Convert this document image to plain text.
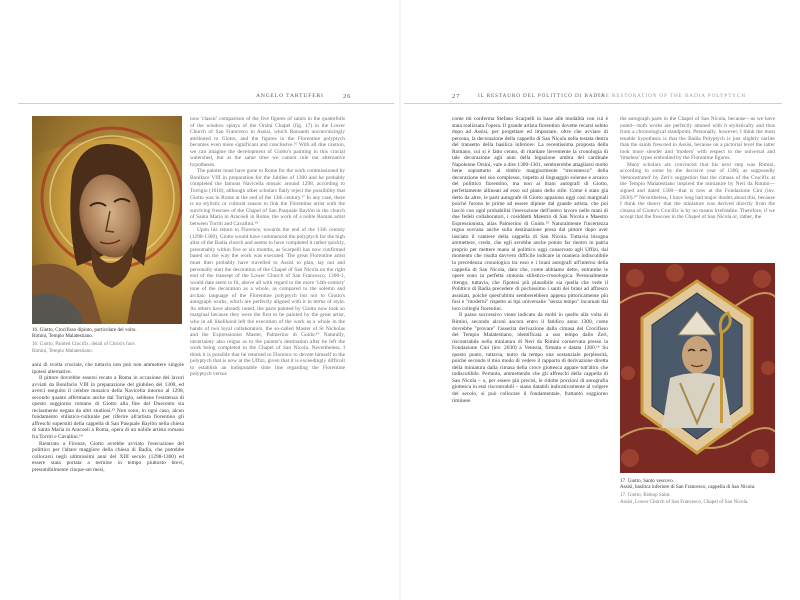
ANGELO TARTUFERI	26
16. Giotto, Crocifisso dipinto, particolare del volto.
Rimini, Tempio Malatestiano.
16. Giotto, Painted Crucifix, detail of Christ's face.
Rimini, Tempio Malatestiano.

anni di svolta cruciale, che tuttavia non può non ammettere singole ipotesi alternative.

Il pittore dovrebbe essersi recato a Roma in occasione dei lavori avviati da Bonifacio VIII in preparazione del giubileo del 1300, ed averci eseguito il celebre mosaico della Navicella intorno al 1298, secondo quanto affermano anche dal Torrigio, sebbene l'esistenza di questo soggiorno romano di Giotto alla fine del Duecento sia recisamente negata da altri studiosi.¹³ Non sono, in ogni caso, alcun fondamento stilistico-culturale per riferire all'artista fiorentino gli affreschi superstiti della cappella di San Pasquale Baylòn nella chiesa di Santa Maria in Aracoeli a Roma, opera di un nobile artista romano fra Torriti e Cavallini.¹⁴

Rientrato a Firenze, Giotto avrebbe avviato l'esecuzione del polittico per l'altare maggiore della chiesa di Badia, che potrebbe collocarsi negli ultimissimi anni del XIII secolo (1298-1300) ed essere stata portata a termine in tempo piuttosto brevi, presumibilmente cinque-sei mesi,

now 'classic' comparison of the five figures of saints in the quatrefoils of the window splays of the Orsini Chapel (fig. 17) in the Lower Church of San Francesco in Assisi, which Bonsanti unconvincingly attributed to Giotto, and the figures in the Florentine polyptych becomes even more significant and conclusive.¹⁶ With all due caution, we can imagine the development of Giotto's painting in this crucial watershed, but at the same time we cannot rule out alternative hypotheses.

The painter must have gone to Rome for the work commissioned by Boniface VIII in preparation for the Jubilee of 1300 and he probably completed the famous Navicella mosaic around 1298, according to Torrigio (1618), although other scholars flatly reject the possibility that Giotto was in Rome at the end of the 13th century.¹⁷ In any case, there is no stylistic or cultural reason to link the Florentine artist with the surviving frescoes of the Chapel of San Pasquale Baylòn in the church of Santa Maria in Aracoeli in Rome, the work of a noble Roman artist between Torriti and Cavallini.¹⁸

Upon his return to Florence, towards the end of the 13th century (1298-1300), Giotto would have commenced the polyptych for the high altar of the Badia church and seems to have completed it rather quickly, presumably within five or six months, as Scarpelli has now confirmed based on the way the work was executed. The great Florentine artist must then probably have travelled to Assisi to plan, lay out and personally start the decoration of the Chapel of San Nicola on the right end of the transept of the Lower Church of San Francesco, 1300-1, would date seem to fit, above all with regard to the more '14th-century' tone of the decoration as a whole, as compared to the solemn and archaic language of the Florentine polyptych but not to Giotto's autograph works, which are perfectly aligned with it in terms of style. As others have already noted, the parts painted by Giotto now look so marginal because they were the first to be painted by the great artist, who in all likelihood left the execution of the work as a whole in the hands of two loyal collaborators, the so-called Master of St Nicholas and the Expressionist Master, Palmerino di Guido.¹⁹ Naturally, uncertainty also reigns as to the painter's destination after he left the work being completed in the Chapel of San Nicola. Nevertheless, I think it is possible that he returned to Florence to devote himself to the polyptych that is now at the Uffizi, given that it is exceedingly difficult to establish an indisputable time line regarding the Florentine polyptych versus

27	IL RESTAURO DEL POLITTICO DI BADIA
THE RESTORATION OF THE BADIA POLYPTYCH

come mi conferma Stefano Scarpelli in base alle modalità con cui è stata realizzata l'opera. Il grande artista fiorentino dovette recarsi subito dopo ad Assisi, per progettare ed impostare, oltre che avviare di persona, la decorazione della cappella di San Nicola nella testata destra del transetto della basilica inferiore. La recentissima proposta della Romano, cui si è fatto cenno, di ritardare lievemente la cronologia di tale decorazione agli anni della legazione umbra del cardinale Napoleone Orsini, vale a dire 1300-1301, sembrerebbe attagliarsi molto bene soprattutto al timbro maggiormente "trecentesco" della decorazione nel suo complesso, rispetto al linguaggio solenne e arcaico del polittico fiorentino, ma non ai brani autografi di Giotto, perfettamente allineati ad esso sul piano dello stile. Come è stato già detto da altre, le parti autografe di Giotto appaiono oggi così marginali poiché furono le prime ad essere dipinte dal grande artista, che poi lasciò con ogni probabilità l'esecuzione dell'intero lavoro nelle mani di due fedeli collaboratori, i cosiddetti Maestro di San Nicola e Maestro Espressionista, alias Palmerino di Guido.¹⁵ Naturalmente l'incertezza regna sovrana anche sulla destinazione presa dal pittore dopo aver lasciato il cantiere della cappella di San Nicola. Tuttavia bisogna ammettere, credo, che egli avrebbe anche potuto far rientro in patria proprio per mettere mano al polittico oggi conservato agli Uffizi, dal momento che risulta davvero difficile indicare in maniera indiscutibile la precedenza cronologica tra esso e i brani autografi all'interno della cappella di San Nicola, dato che, come abbiamo detto, entrambe le opere sono in perfetta sintonia stilistico-cronologica. Personalmente ritengo, tuttavia, che l'ipotesi più plausibile sia quella che vede il Polittico di Badia precedere di pochissimo i santi dei brani ad affresco assisiati, poiché quest'ultimi sembrerebbero appena pittoricamente più fusi e "moderni" rispetto ai tipi universalie "senza tempo" incarnati dai loro colleghi fiorentini.

Il passo successivo viene indicato da molti in quello alla volta di Rimini, secondo alcuni ancora entro il fatidico anno 1300, come dovrebbe "provare" l'asserita derivazione dalla cimasa del Crocifisso del Tempio Malatestiano, identificata a suo tempo dallo Zeri, riscontrabile nella miniatura di Neri da Rimini conservata presso la Fondazione Cini (inv. 2030) a Venezia, firmata e datata 1300.¹⁶ Su questo punto, tuttavia, nutro da tempo una sostanziale perplessità, poiché secondo il mio modo di vedere il rapporto di derivazione diretta della miniatura dalla cimasa della croce giottesca appare tutt'altro che indiscutibile. Pertanto, ammettendo che gli affreschi della cappella di San Nicola – o, per essere più precisi, le ridotte porzioni di autografia giottesca in essi riscontrabili – siano databili indicativamente al volgere del secolo, si può collocare il fondamentale, frattanto soggiorno riminese

the autograph parts in the Chapel of San Nicola, because—as we have noted—both works are perfectly attuned with it stylistically and thus from a chronological standpoint. Personally, however, I think the most tenable hypothesis is that the Badia Polyptych is just slightly earlier than the saints frescoed in Assisi, because on a pictorial level the latter look more slender and 'modern' with respect to the universal and 'timeless' types embodied by the Florentine figures.

Many scholars are convinced that his next step was Rimini, according to some by the decisive year of 1300, as supposedly 'demonstrated' by Zeri's suggestion that the cimasa of the Crucifix at the Tempio Malatestiano inspired the miniature by Neri da Rimini—signed and dated 1300—that is now at the Fondazione Cini (inv. 2030).²⁰ Nevertheless, I have long had major doubts about this, because I think the theory that the miniature was derived directly from the cimasa of Giotto's Crucifix is by no means irrefutable. Therefore, if we accept that the frescoes in the Chapel of San Nicola or, rather, the

17. Giotto, Santo vescovo.
Assisi, basilica inferiore di San Francesco, cappella di San Nicola.
17. Giotto, Bishop Saint.
Assisi, Lower Church of San Francesco, Chapel of San Nicola.
